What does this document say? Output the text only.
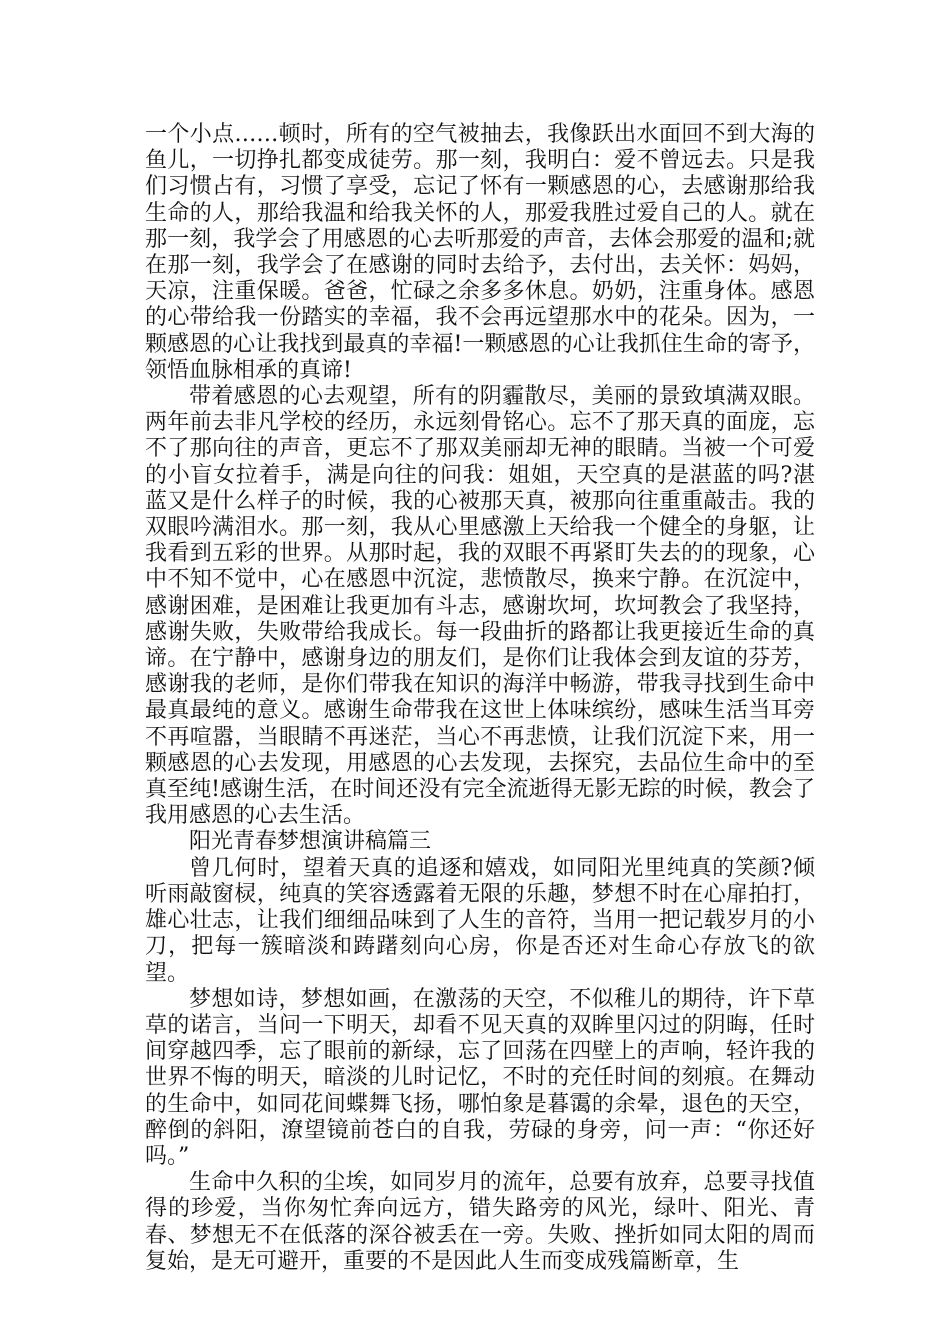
一个小点……顿时，所有的空气被抽去，我像跃出水面回不到大海的鱼儿，一切挣扎都变成徒劳。那一刻，我明白：爱不曾远去。只是我们习惯占有，习惯了享受，忘记了怀有一颗感恩的心，去感谢那给我生命的人，那给我温和给我关怀的人，那爱我胜过爱自己的人。就在那一刻，我学会了用感恩的心去听那爱的声音，去体会那爱的温和;就在那一刻，我学会了在感谢的同时去给予，去付出，去关怀：妈妈，天凉，注重保暖。爸爸，忙碌之余多多休息。奶奶，注重身体。感恩的心带给我一份踏实的幸福，我不会再远望那水中的花朵。因为，一颗感恩的心让我找到最真的幸福!一颗感恩的心让我抓住生命的寄予，领悟血脉相承的真谛!

带着感恩的心去观望，所有的阴霾散尽，美丽的景致填满双眼。两年前去非凡学校的经历，永远刻骨铭心。忘不了那天真的面庞，忘不了那向往的声音，更忘不了那双美丽却无神的眼睛。当被一个可爱的小盲女拉着手，满是向往的问我：姐姐，天空真的是湛蓝的吗?湛蓝又是什么样子的时候，我的心被那天真，被那向往重重敲击。我的双眼吟满泪水。那一刻，我从心里感激上天给我一个健全的身躯，让我看到五彩的世界。从那时起，我的双眼不再紧盯失去的的现象，心中不知不觉中，心在感恩中沉淀，悲愤散尽，换来宁静。在沉淀中，感谢困难，是困难让我更加有斗志，感谢坎坷，坎坷教会了我坚持，感谢失败，失败带给我成长。每一段曲折的路都让我更接近生命的真谛。在宁静中，感谢身边的朋友们，是你们让我体会到友谊的芬芳，感谢我的老师，是你们带我在知识的海洋中畅游，带我寻找到生命中最真最纯的意义。感谢生命带我在这世上体味缤纷，感味生活当耳旁不再喧嚣，当眼睛不再迷茫，当心不再悲愤，让我们沉淀下来，用一颗感恩的心去发现，用感恩的心去发现，去探究，去品位生命中的至真至纯!感谢生活，在时间还没有完全流逝得无影无踪的时候，教会了我用感恩的心去生活。

阳光青春梦想演讲稿篇三

曾几何时，望着天真的追逐和嬉戏，如同阳光里纯真的笑颜?倾听雨敲窗棂，纯真的笑容透露着无限的乐趣，梦想不时在心扉拍打，雄心壮志，让我们细细品味到了人生的音符，当用一把记载岁月的小刀，把每一簇暗淡和踌躇刻向心房，你是否还对生命心存放飞的欲望。

梦想如诗，梦想如画，在激荡的天空，不似稚儿的期待，许下草草的诺言，当问一下明天，却看不见天真的双眸里闪过的阴晦，任时间穿越四季，忘了眼前的新绿，忘了回荡在四壁上的声响，轻许我的世界不悔的明天，暗淡的儿时记忆，不时的充任时间的刻痕。在舞动的生命中，如同花间蝶舞飞扬，哪怕象是暮霭的余晕，退色的天空，醉倒的斜阳，潦望镜前苍白的自我，劳碌的身旁，问一声：“你还好吗。”

生命中久积的尘埃，如同岁月的流年，总要有放弃，总要寻找值得的珍爱，当你匆忙奔向远方，错失路旁的风光，绿叶、阳光、青春、梦想无不在低落的深谷被丢在一旁。失败、挫折如同太阳的周而复始，是无可避开，重要的不是因此人生而变成残篇断章，生
